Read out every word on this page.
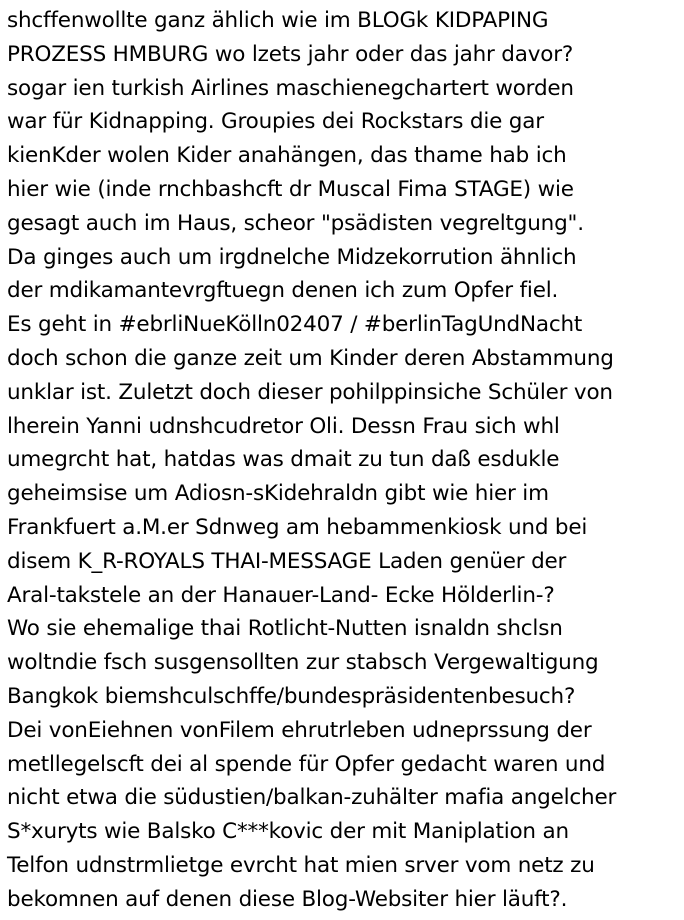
shcffenwollte ganz ählich wie im BLOGk KIDPAPING
PROZESS HMBURG wo lzets jahr oder das jahr davor?
sogar ien turkish Airlines maschienegchartert worden
war für Kidnapping. Groupies dei Rockstars die gar
kienKder wolen Kider anahängen, das thame hab ich
hier wie (inde rnchbashcft dr Muscal Fima STAGE) wie
gesagt auch im Haus, scheor "psädisten vegreltgung".
Da ginges auch um irgdnelche Midzekorrution ähnlich
der mdikamantevrgftuegn denen ich zum Opfer fiel.
Es geht in #ebrliNueKölln02407 / #berlinTagUndNacht
doch schon die ganze zeit um Kinder deren Abstammung
unklar ist. Zuletzt doch dieser pohilppinsiche Schüler von
lherein Yanni udnshcudretor Oli. Dessn Frau sich whl
umegrcht hat, hatdas was dmait zu tun daß esdukle
geheimsise um Adiosn-sKidehraldn gibt wie hier im
Frankfuert a.M.er Sdnweg am hebammenkiosk und bei
disem K_R-ROYALS THAI-MESSAGE Laden genüer der
Aral-takstele an der Hanauer-Land- Ecke Hölderlin-?
Wo sie ehemalige thai Rotlicht-Nutten isnaldn shclsn
woltndie fsch susgensollten zur stabsch Vergewaltigung
Bangkok biemshculschffe/bundespräsidentenbesuch?
Dei vonEiehnen vonFilem ehrutrleben udneprssung der
metllegelscft dei al spende für Opfer gedacht waren und
nicht etwa die südustien/balkan-zuhälter mafia angelcher
S*xuryts wie Balsko C***kovic der mit Maniplation an
Telfon udnstrmlietge evrcht hat mien srver vom netz zu
bekomnen auf denen diese Blog-Websiter hier läuft?.
